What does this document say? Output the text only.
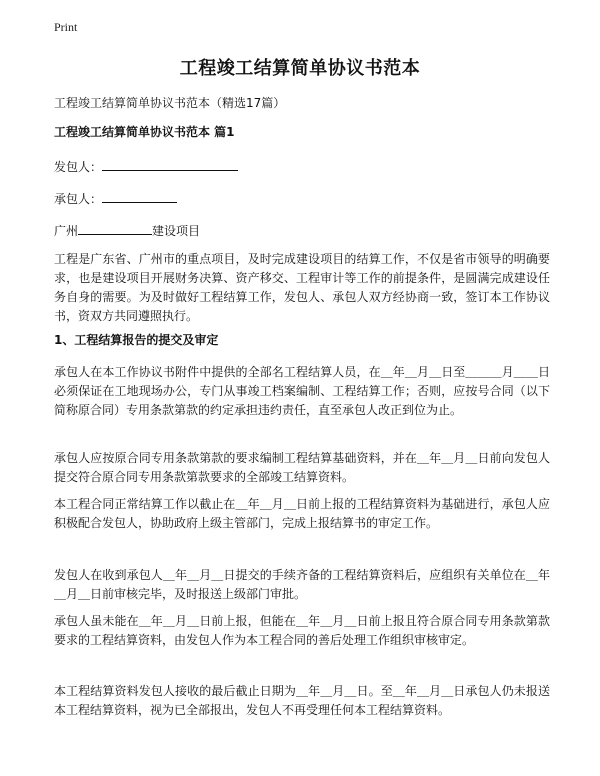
Print
工程竣工结算简单协议书范本
工程竣工结算简单协议书范本（精选17篇）
工程竣工结算简单协议书范本 篇1
发包人：
承包人：
广州	建设项目
工程是广东省、广州市的重点项目，及时完成建设项目的结算工作，不仅是省市领导的明确要求，也是建设项目开展财务决算、资产移交、工程审计等工作的前提条件，是圆满完成建设任务自身的需要。为及时做好工程结算工作，发包人、承包人双方经协商一致，签订本工作协议书，资双方共同遵照执行。
1、工程结算报告的提交及审定
承包人在本工作协议书附件中提供的全部名工程结算人员，在＿年＿月＿日至＿＿＿月＿＿日必须保证在工地现场办公，专门从事竣工档案编制、工程结算工作；否则，应按号合同（以下简称原合同）专用条款第款的约定承担违约责任，直至承包人改正到位为止。
承包人应按原合同专用条款第款的要求编制工程结算基础资料，并在＿年＿月＿日前向发包人提交符合原合同专用条款第款要求的全部竣工结算资料。
本工程合同正常结算工作以截止在＿年＿月＿日前上报的工程结算资料为基础进行，承包人应积极配合发包人，协助政府上级主管部门，完成上报结算书的审定工作。
发包人在收到承包人＿年＿月＿日提交的手续齐备的工程结算资料后，应组织有关单位在＿年＿月＿日前审核完毕，及时报送上级部门审批。
承包人虽未能在＿年＿月＿日前上报，但能在＿年＿月＿日前上报且符合原合同专用条款第款要求的工程结算资料，由发包人作为本工程合同的善后处理工作组织审核审定。
本工程结算资料发包人接收的最后截止日期为＿年＿月＿日。至＿年＿月＿日承包人仍未报送本工程结算资料，视为已全部报出，发包人不再受理任何本工程结算资料。
